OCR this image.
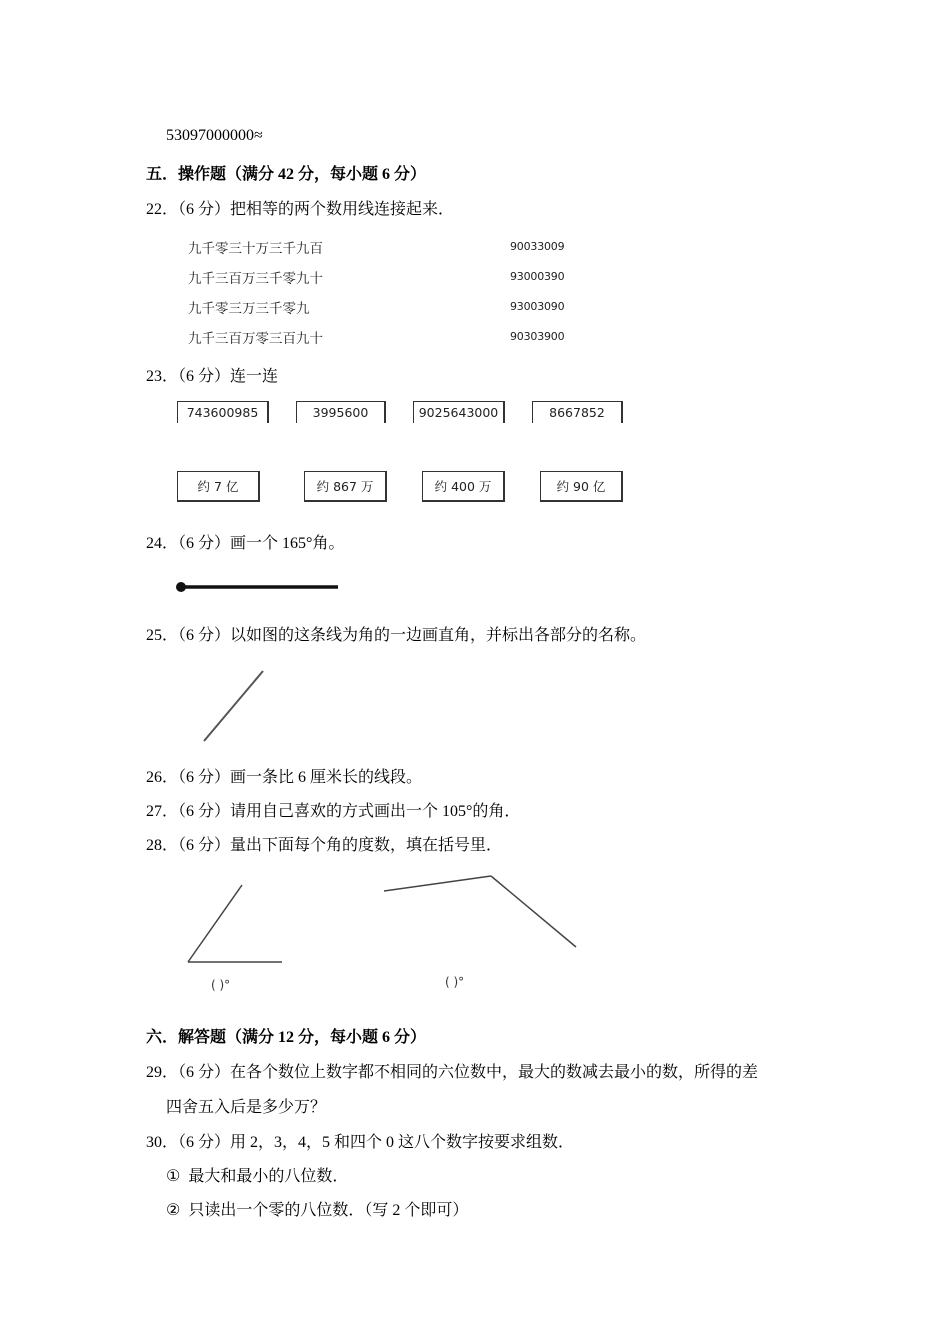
53097000000≈
五．操作题（满分 42 分，每小题 6 分）
22．（6 分）把相等的两个数用线连接起来．
九千零三十万三千九百
九千三百万三千零九十
九千零三万三千零九
九千三百万零三百九十
90033009
93000390
93003090
90303900
23．（6 分）连一连
743600985	3995600	9025643000	8667852
约 7 亿	约 867 万	约 400 万	约 90 亿
24．（6 分）画一个 165°角。
25．（6 分）以如图的这条线为角的一边画直角，并标出各部分的名称。
26．（6 分）画一条比 6 厘米长的线段。
27．（6 分）请用自己喜欢的方式画出一个 105°的角．
28．（6 分）量出下面每个角的度数，填在括号里．
( )°	( )°
六．解答题（满分 12 分，每小题 6 分）
29．（6 分）在各个数位上数字都不相同的六位数中，最大的数减去最小的数，所得的差
四舍五入后是多少万？
30．（6 分）用 2，3，4，5 和四个 0 这八个数字按要求组数．
① 最大和最小的八位数．
② 只读出一个零的八位数．（写 2 个即可）
